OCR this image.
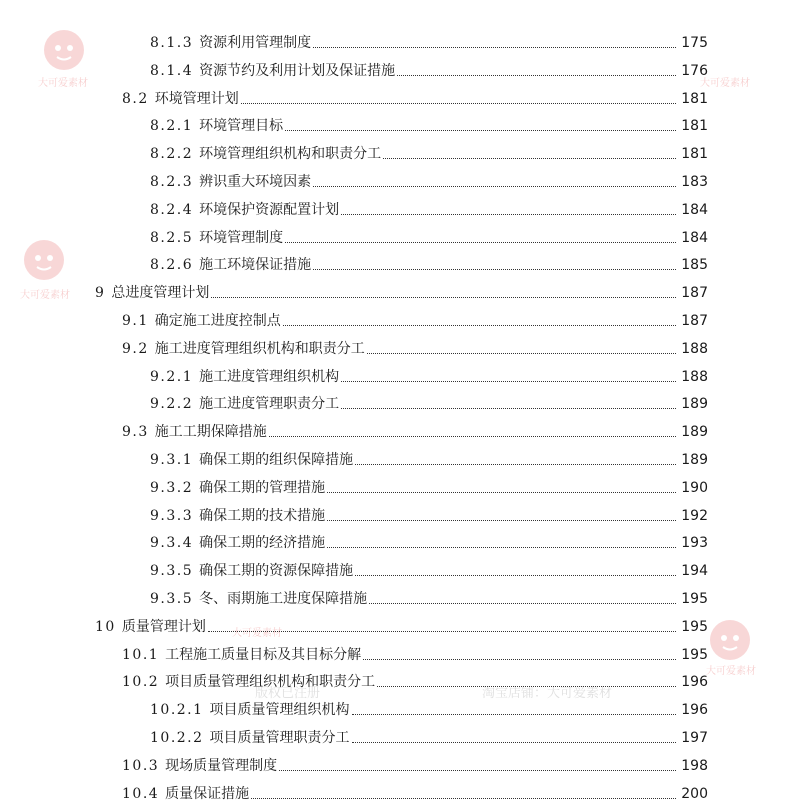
大可爱素材
大可爱素材
大可爱素材
大可爱素材
大可爱素材
版权已注册	淘宝店铺：大可爱素材
8.1.3 资源利用管理制度	175
8.1.4 资源节约及利用计划及保证措施	176
8.2 环境管理计划	181
8.2.1 环境管理目标	181
8.2.2 环境管理组织机构和职责分工	181
8.2.3 辨识重大环境因素	183
8.2.4 环境保护资源配置计划	184
8.2.5 环境管理制度	184
8.2.6 施工环境保证措施	185
9 总进度管理计划	187
9.1 确定施工进度控制点	187
9.2 施工进度管理组织机构和职责分工	188
9.2.1 施工进度管理组织机构	188
9.2.2 施工进度管理职责分工	189
9.3 施工工期保障措施	189
9.3.1 确保工期的组织保障措施	189
9.3.2 确保工期的管理措施	190
9.3.3 确保工期的技术措施	192
9.3.4 确保工期的经济措施	193
9.3.5 确保工期的资源保障措施	194
9.3.5 冬、雨期施工进度保障措施	195
10 质量管理计划	195
10.1 工程施工质量目标及其目标分解	195
10.2 项目质量管理组织机构和职责分工	196
10.2.1 项目质量管理组织机构	196
10.2.2 项目质量管理职责分工	197
10.3 现场质量管理制度	198
10.4 质量保证措施	200
